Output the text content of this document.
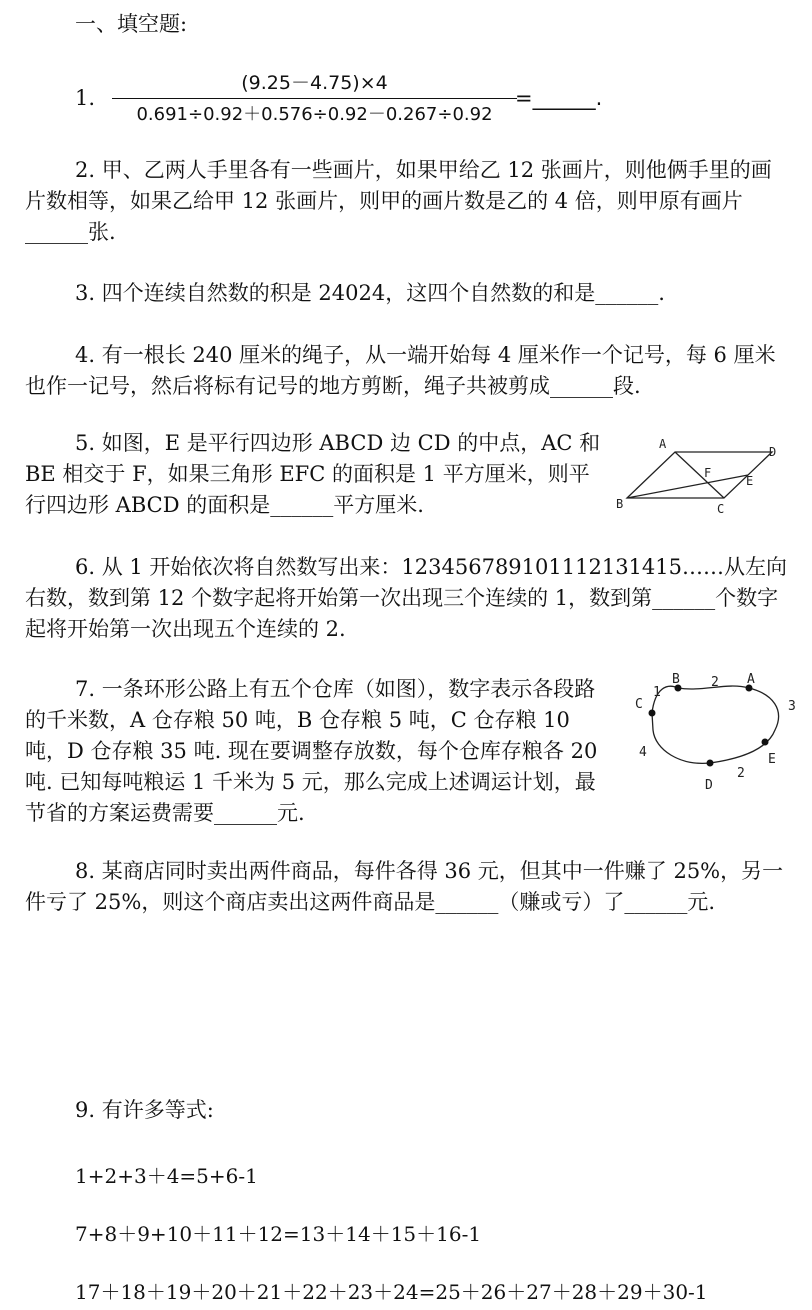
一、填空题:
1.
(9.25－4.75)×4
0.691÷0.92＋0.576÷0.92－0.267÷0.92
=______.
2. 甲、乙两人手里各有一些画片，如果甲给乙 12 张画片，则他俩手里的画片数相等，如果乙给甲 12 张画片，则甲的画片数是乙的 4 倍，则甲原有画片______张.
3. 四个连续自然数的积是 24024，这四个自然数的和是______.
4. 有一根长 240 厘米的绳子，从一端开始每 4 厘米作一个记号，每 6 厘米也作一记号，然后将标有记号的地方剪断，绳子共被剪成______段.
5. 如图，E 是平行四边形 ABCD 边 CD 的中点，AC 和 BE 相交于 F，如果三角形 EFC 的面积是 1 平方厘米，则平行四边形 ABCD 的面积是______平方厘米.
A
D
F
E
B	C
6. 从 1 开始依次将自然数写出来：123456789101112131415……从左向右数，数到第 12 个数字起将开始第一次出现三个连续的 1，数到第______个数字起将开始第一次出现五个连续的 2.
7. 一条环形公路上有五个仓库（如图），数字表示各段路的千米数，A 仓存粮 50 吨，B 仓存粮 5 吨，C 仓存粮 10 吨，D 仓存粮 35 吨. 现在要调整存放数，每个仓库存粮各 20 吨. 已知每吨粮运 1 千米为 5 元，那么完成上述调运计划，最节省的方案运费需要______元.
C
1
B 2 A
3
E
2
D
4
8. 某商店同时卖出两件商品，每件各得 36 元，但其中一件赚了 25%，另一件亏了 25%，则这个商店卖出这两件商品是______（赚或亏）了______元.
9. 有许多等式:
1+2+3＋4=5+6-1
7+8＋9+10＋11＋12=13＋14＋15＋16-1
17＋18＋19＋20＋21＋22＋23＋24=25＋26＋27＋28＋29＋30-1
